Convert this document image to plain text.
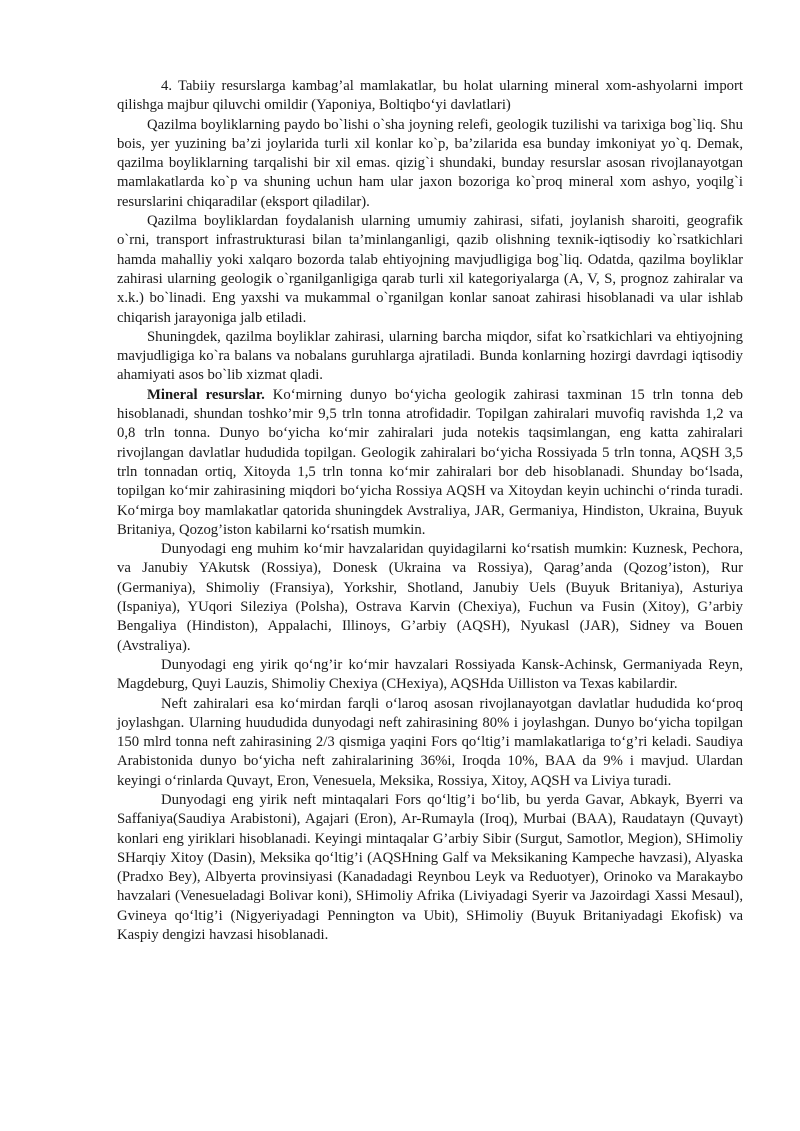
4. Tabiiy resurslarga kambag’al mamlakatlar, bu holat ularning mineral xom-ashyolarni import qilishga majbur qiluvchi omildir (Yaponiya, Boltiqbo‘yi davlatlari)

Qazilma boyliklarning paydo bo`lishi o`sha joyning relefi, geologik tuzilishi va tarixiga bog`liq. Shu bois, yer yuzining ba’zi joylarida turli xil konlar ko`p, ba’zilarida esa bunday imkoniyat yo`q. Demak, qazilma boyliklarning tarqalishi bir xil emas. qizig`i shundaki, bunday resurslar asosan rivojlanayotgan mamlakatlarda ko`p va shuning uchun ham ular jaxon bozoriga ko`proq mineral xom ashyo, yoqilg`i resurslarini chiqaradilar (eksport qiladilar).

Qazilma boyliklardan foydalanish ularning umumiy zahirasi, sifati, joylanish sharoiti, geografik o`rni, transport infrastrukturasi bilan ta’minlanganligi, qazib olishning texnik-iqtisodiy ko`rsatkichlari hamda mahalliy yoki xalqaro bozorda talab ehtiyojning mavjudligiga bog`liq. Odatda, qazilma boyliklar zahirasi ularning geologik o`rganilganligiga qarab turli xil kategoriyalarga (A, V, S, prognoz zahiralar va x.k.) bo`linadi. Eng yaxshi va mukammal o`rganilgan konlar sanoat zahirasi hisoblanadi va ular ishlab chiqarish jarayoniga jalb etiladi.

Shuningdek, qazilma boyliklar zahirasi, ularning barcha miqdor, sifat ko`rsatkichlari va ehtiyojning mavjudligiga ko`ra balans va nobalans guruhlarga ajratiladi. Bunda konlarning hozirgi davrdagi iqtisodiy ahamiyati asos bo`lib xizmat qladi.

Mineral resurslar. Ko‘mirning dunyo bo‘yicha geologik zahirasi taxminan 15 trln tonna deb hisoblanadi, shundan toshko’mir 9,5 trln tonna atrofidadir. Topilgan zahiralari muvofiq ravishda 1,2 va 0,8 trln tonna. Dunyo bo‘yicha ko‘mir zahiralari juda notekis taqsimlangan, eng katta zahiralari rivojlangan davlatlar hududida topilgan. Geologik zahiralari bo‘yicha Rossiyada 5 trln tonna, AQSH 3,5 trln tonnadan ortiq, Xitoyda 1,5 trln tonna ko‘mir zahiralari bor deb hisoblanadi. Shunday bo‘lsada, topilgan ko‘mir zahirasining miqdori bo‘yicha Rossiya AQSH va Xitoydan keyin uchinchi o‘rinda turadi. Ko‘mirga boy mamlakatlar qatorida shuningdek Avstraliya, JAR, Germaniya, Hindiston, Ukraina, Buyuk Britaniya, Qozog’iston kabilarni ko‘rsatish mumkin.

Dunyodagi eng muhim ko‘mir havzalaridan quyidagilarni ko‘rsatish mumkin: Kuznesk, Pechora, va Janubiy YAkutsk (Rossiya), Donesk (Ukraina va Rossiya), Qarag’anda (Qozog’iston), Rur (Germaniya), Shimoliy (Fransiya), Yorkshir, Shotland, Janubiy Uels (Buyuk Britaniya), Asturiya (Ispaniya), YUqori Sileziya (Polsha), Ostrava Karvin (Chexiya), Fuchun va Fusin (Xitoy), G’arbiy Bengaliya (Hindiston), Appalachi, Illinoys, G’arbiy (AQSH), Nyukasl (JAR), Sidney va Bouen (Avstraliya).

Dunyodagi eng yirik qo‘ng’ir ko‘mir havzalari Rossiyada Kansk-Achinsk, Germaniyada Reyn, Magdeburg, Quyi Lauzis, Shimoliy Chexiya (CHexiya), AQSHda Uilliston va Texas kabilardir.

Neft zahiralari esa ko‘mirdan farqli o‘laroq asosan rivojlanayotgan davlatlar hududida ko‘proq joylashgan. Ularning huududida dunyodagi neft zahirasining 80% i joylashgan. Dunyo bo‘yicha topilgan 150 mlrd tonna neft zahirasining 2/3 qismiga yaqini Fors qo‘ltig’i mamlakatlariga to‘g’ri keladi. Saudiya Arabistonida dunyo bo‘yicha neft zahiralarining 36%i, Iroqda 10%, BAA da 9% i mavjud. Ulardan keyingi o‘rinlarda Quvayt, Eron, Venesuela, Meksika, Rossiya, Xitoy, AQSH va Liviya turadi.

Dunyodagi eng yirik neft mintaqalari Fors qo‘ltig’i bo‘lib, bu yerda Gavar, Abkayk, Byerri va Saffaniya(Saudiya Arabistoni), Agajari (Eron), Ar-Rumayla (Iroq), Murbai (BAA), Raudatayn (Quvayt) konlari eng yiriklari hisoblanadi. Keyingi mintaqalar G’arbiy Sibir (Surgut, Samotlor, Megion), SHimoliy SHarqiy Xitoy (Dasin), Meksika qo‘ltig’i (AQSHning Galf va Meksikaning Kampeche havzasi), Alyaska (Pradxo Bey), Albyerta provinsiyasi (Kanadadagi Reynbou Leyk va Reduotyer), Orinoko va Marakaybo havzalari (Venesueladagi Bolivar koni), SHimoliy Afrika (Liviyadagi Syerir va Jazoirdagi Xassi Mesaul), Gvineya qo‘ltig’i (Nigyeriyadagi Pennington va Ubit), SHimoliy (Buyuk Britaniyadagi Ekofisk) va Kaspiy dengizi havzasi hisoblanadi.
